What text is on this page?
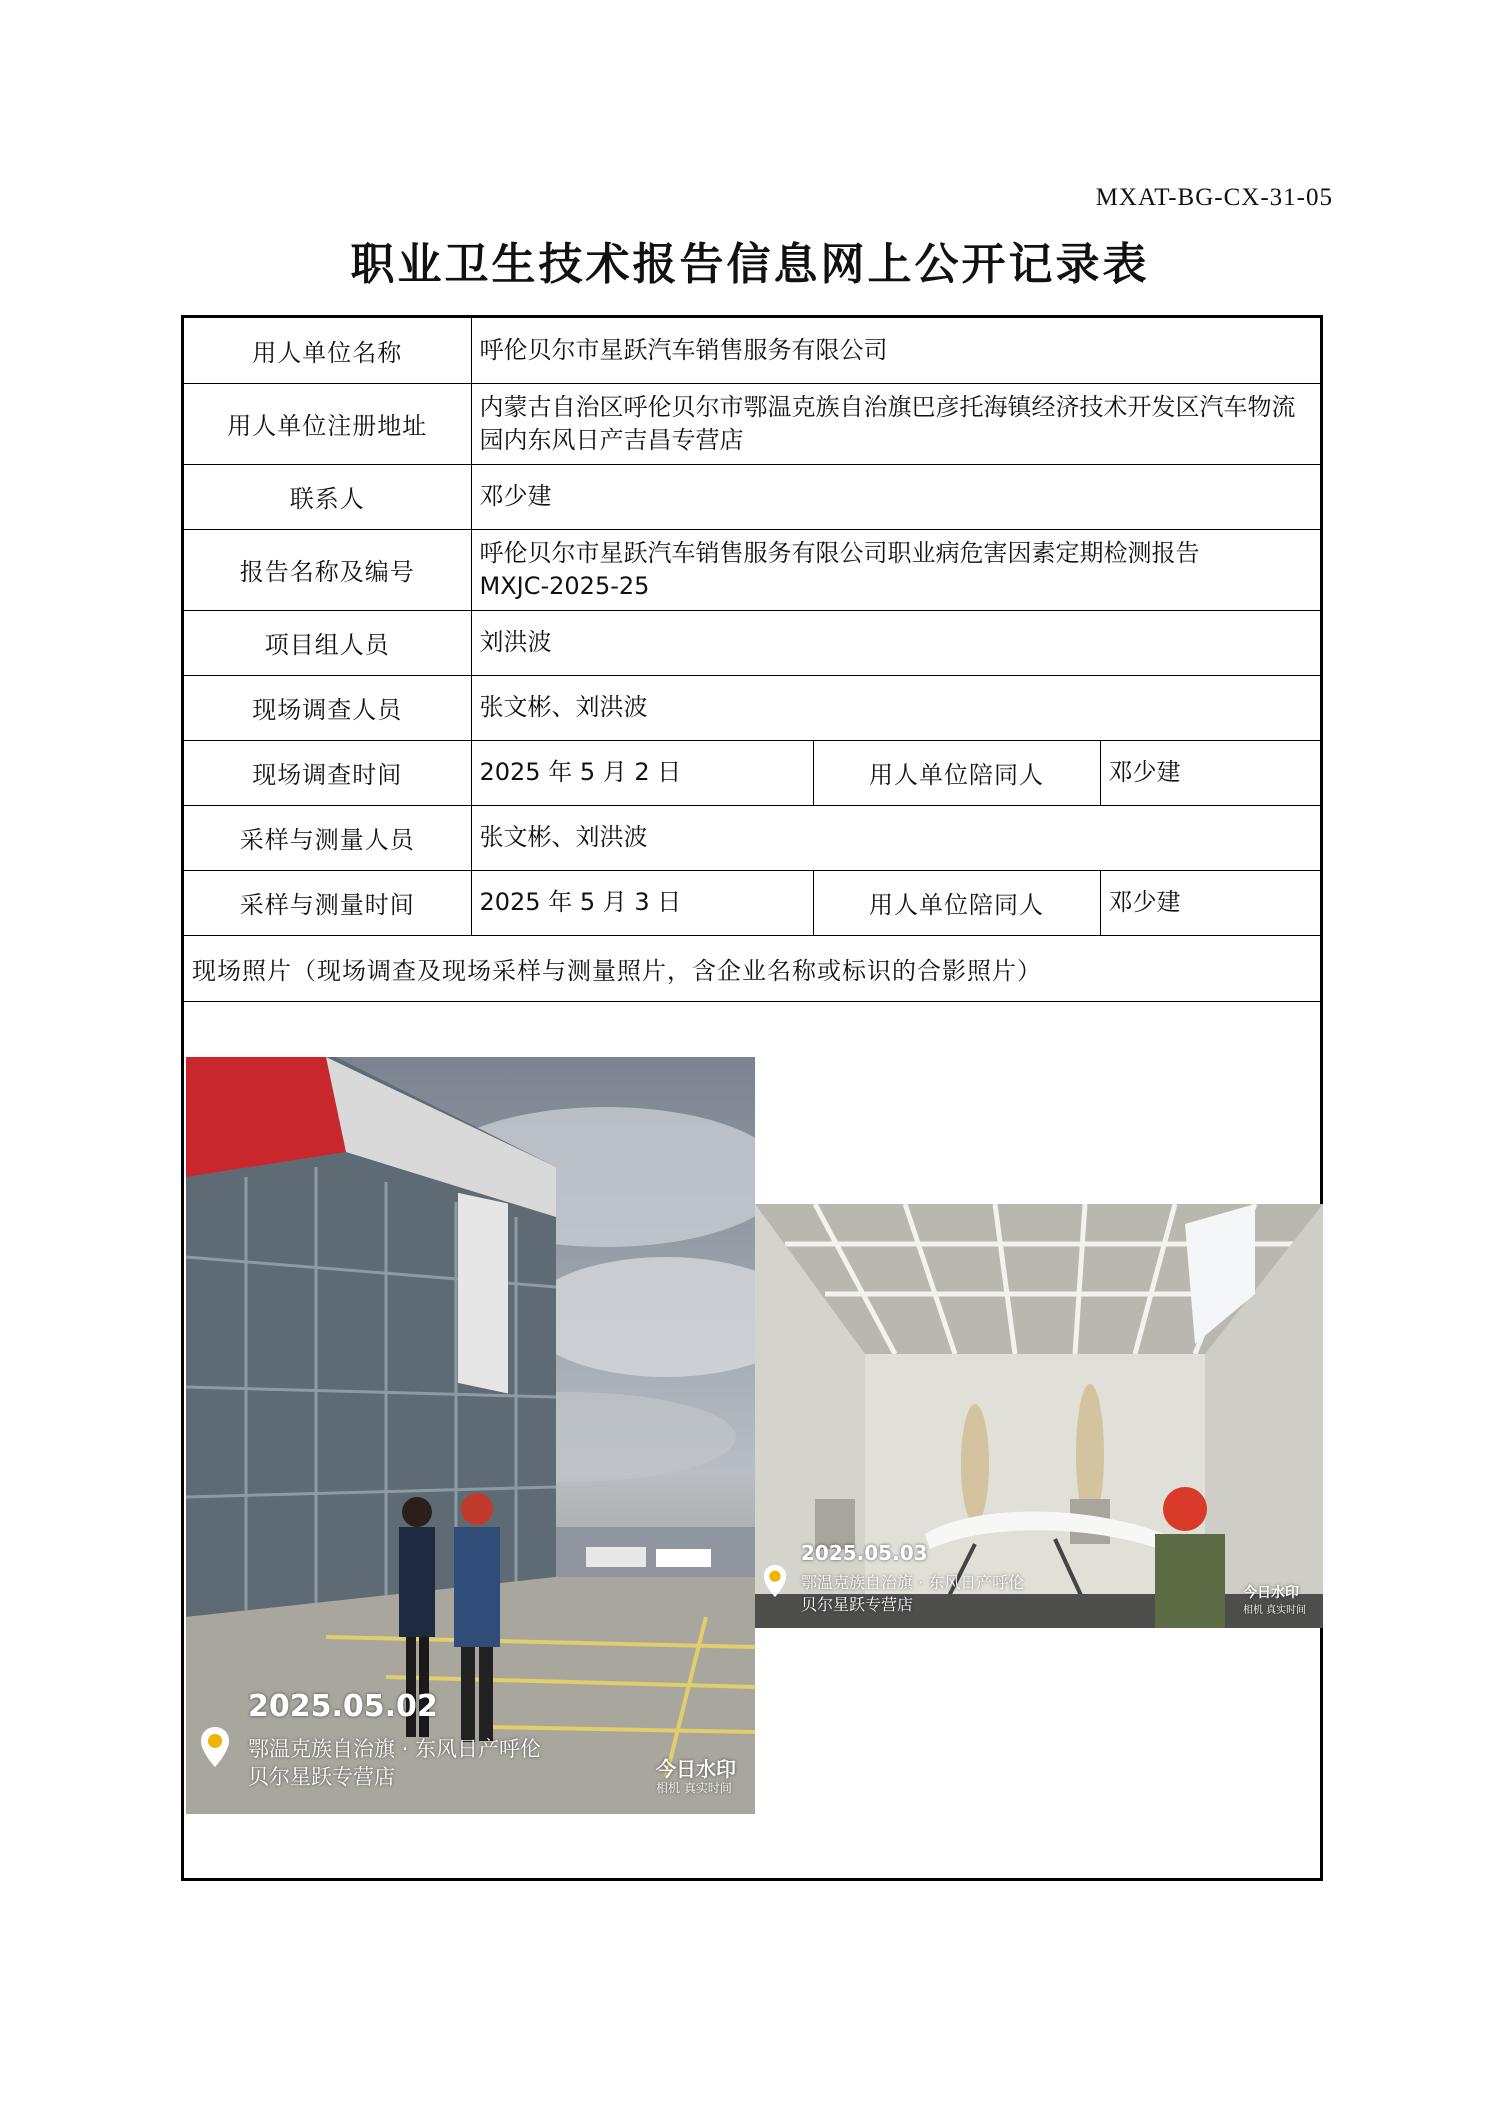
MXAT-BG-CX-31-05
职业卫生技术报告信息网上公开记录表
用人单位名称	呼伦贝尔市星跃汽车销售服务有限公司		
用人单位注册地址	内蒙古自治区呼伦贝尔市鄂温克族自治旗巴彦托海镇经济技术开发区汽车物流园内东风日产吉昌专营店		
联系人	邓少建		
报告名称及编号	呼伦贝尔市星跃汽车销售服务有限公司职业病危害因素定期检测报告
MXJC-2025-25		

项目组人员	刘洪波		
现场调查人员	张文彬、刘洪波		
现场调查时间	2025 年 5 月 2 日	用人单位陪同人	邓少建
采样与测量人员	张文彬、刘洪波		
采样与测量时间	2025 年 5 月 3 日	用人单位陪同人	邓少建
现场照片（现场调查及现场采样与测量照片，含企业名称或标识的合影照片）			
2025.05.02
鄂温克族自治旗 · 东风日产呼伦
贝尔星跃专营店	今日水印
相机 真实时间
2025.05.03
鄂温克族自治旗 · 东风日产呼伦
贝尔星跃专营店
今日水印
相机 真实时间
